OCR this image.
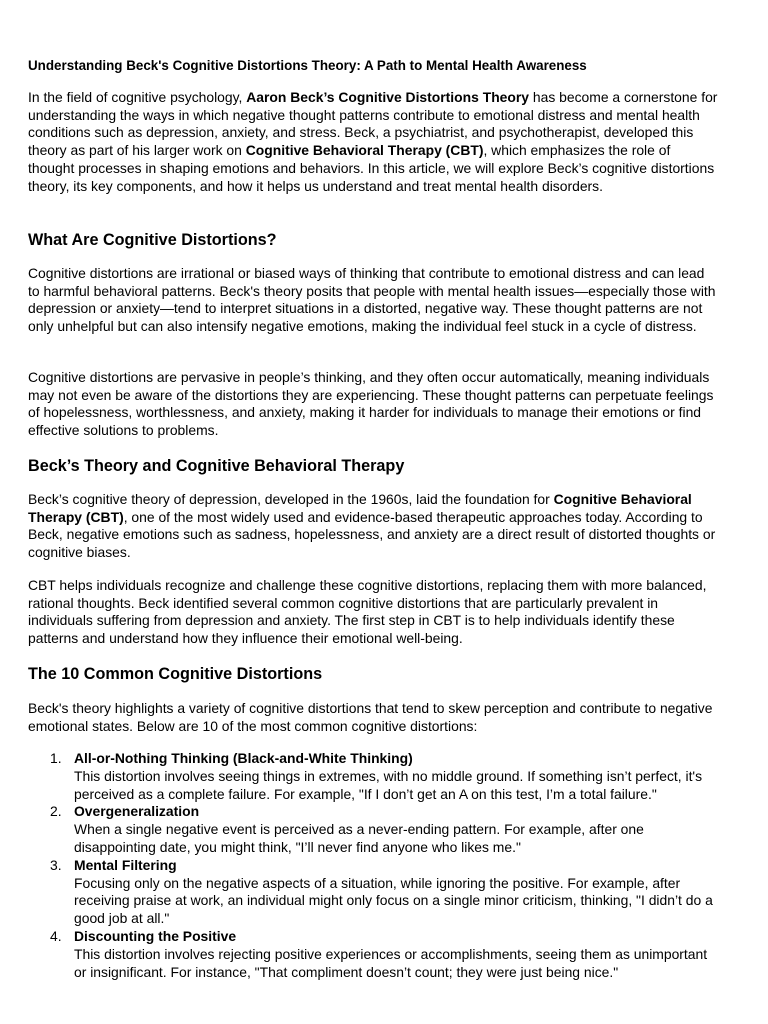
Understanding Beck's Cognitive Distortions Theory: A Path to Mental Health Awareness

In the field of cognitive psychology, Aaron Beck’s Cognitive Distortions Theory has become a cornerstone for understanding the ways in which negative thought patterns contribute to emotional distress and mental health conditions such as depression, anxiety, and stress. Beck, a psychiatrist, and psychotherapist, developed this theory as part of his larger work on Cognitive Behavioral Therapy (CBT), which emphasizes the role of thought processes in shaping emotions and behaviors. In this article, we will explore Beck’s cognitive distortions theory, its key components, and how it helps us understand and treat mental health disorders.

What Are Cognitive Distortions?

Cognitive distortions are irrational or biased ways of thinking that contribute to emotional distress and can lead to harmful behavioral patterns. Beck's theory posits that people with mental health issues—especially those with depression or anxiety—tend to interpret situations in a distorted, negative way. These thought patterns are not only unhelpful but can also intensify negative emotions, making the individual feel stuck in a cycle of distress.

Cognitive distortions are pervasive in people’s thinking, and they often occur automatically, meaning individuals may not even be aware of the distortions they are experiencing. These thought patterns can perpetuate feelings of hopelessness, worthlessness, and anxiety, making it harder for individuals to manage their emotions or find effective solutions to problems.

Beck’s Theory and Cognitive Behavioral Therapy

Beck’s cognitive theory of depression, developed in the 1960s, laid the foundation for Cognitive Behavioral Therapy (CBT), one of the most widely used and evidence-based therapeutic approaches today. According to Beck, negative emotions such as sadness, hopelessness, and anxiety are a direct result of distorted thoughts or cognitive biases.

CBT helps individuals recognize and challenge these cognitive distortions, replacing them with more balanced, rational thoughts. Beck identified several common cognitive distortions that are particularly prevalent in individuals suffering from depression and anxiety. The first step in CBT is to help individuals identify these patterns and understand how they influence their emotional well-being.

The 10 Common Cognitive Distortions

Beck's theory highlights a variety of cognitive distortions that tend to skew perception and contribute to negative emotional states. Below are 10 of the most common cognitive distortions:

1. All-or-Nothing Thinking (Black-and-White Thinking)
This distortion involves seeing things in extremes, with no middle ground. If something isn’t perfect, it's perceived as a complete failure. For example, "If I don’t get an A on this test, I’m a total failure."
2. Overgeneralization
When a single negative event is perceived as a never-ending pattern. For example, after one disappointing date, you might think, "I’ll never find anyone who likes me."
3. Mental Filtering
Focusing only on the negative aspects of a situation, while ignoring the positive. For example, after receiving praise at work, an individual might only focus on a single minor criticism, thinking, "I didn’t do a good job at all."
4. Discounting the Positive
This distortion involves rejecting positive experiences or accomplishments, seeing them as unimportant or insignificant. For instance, "That compliment doesn’t count; they were just being nice."
